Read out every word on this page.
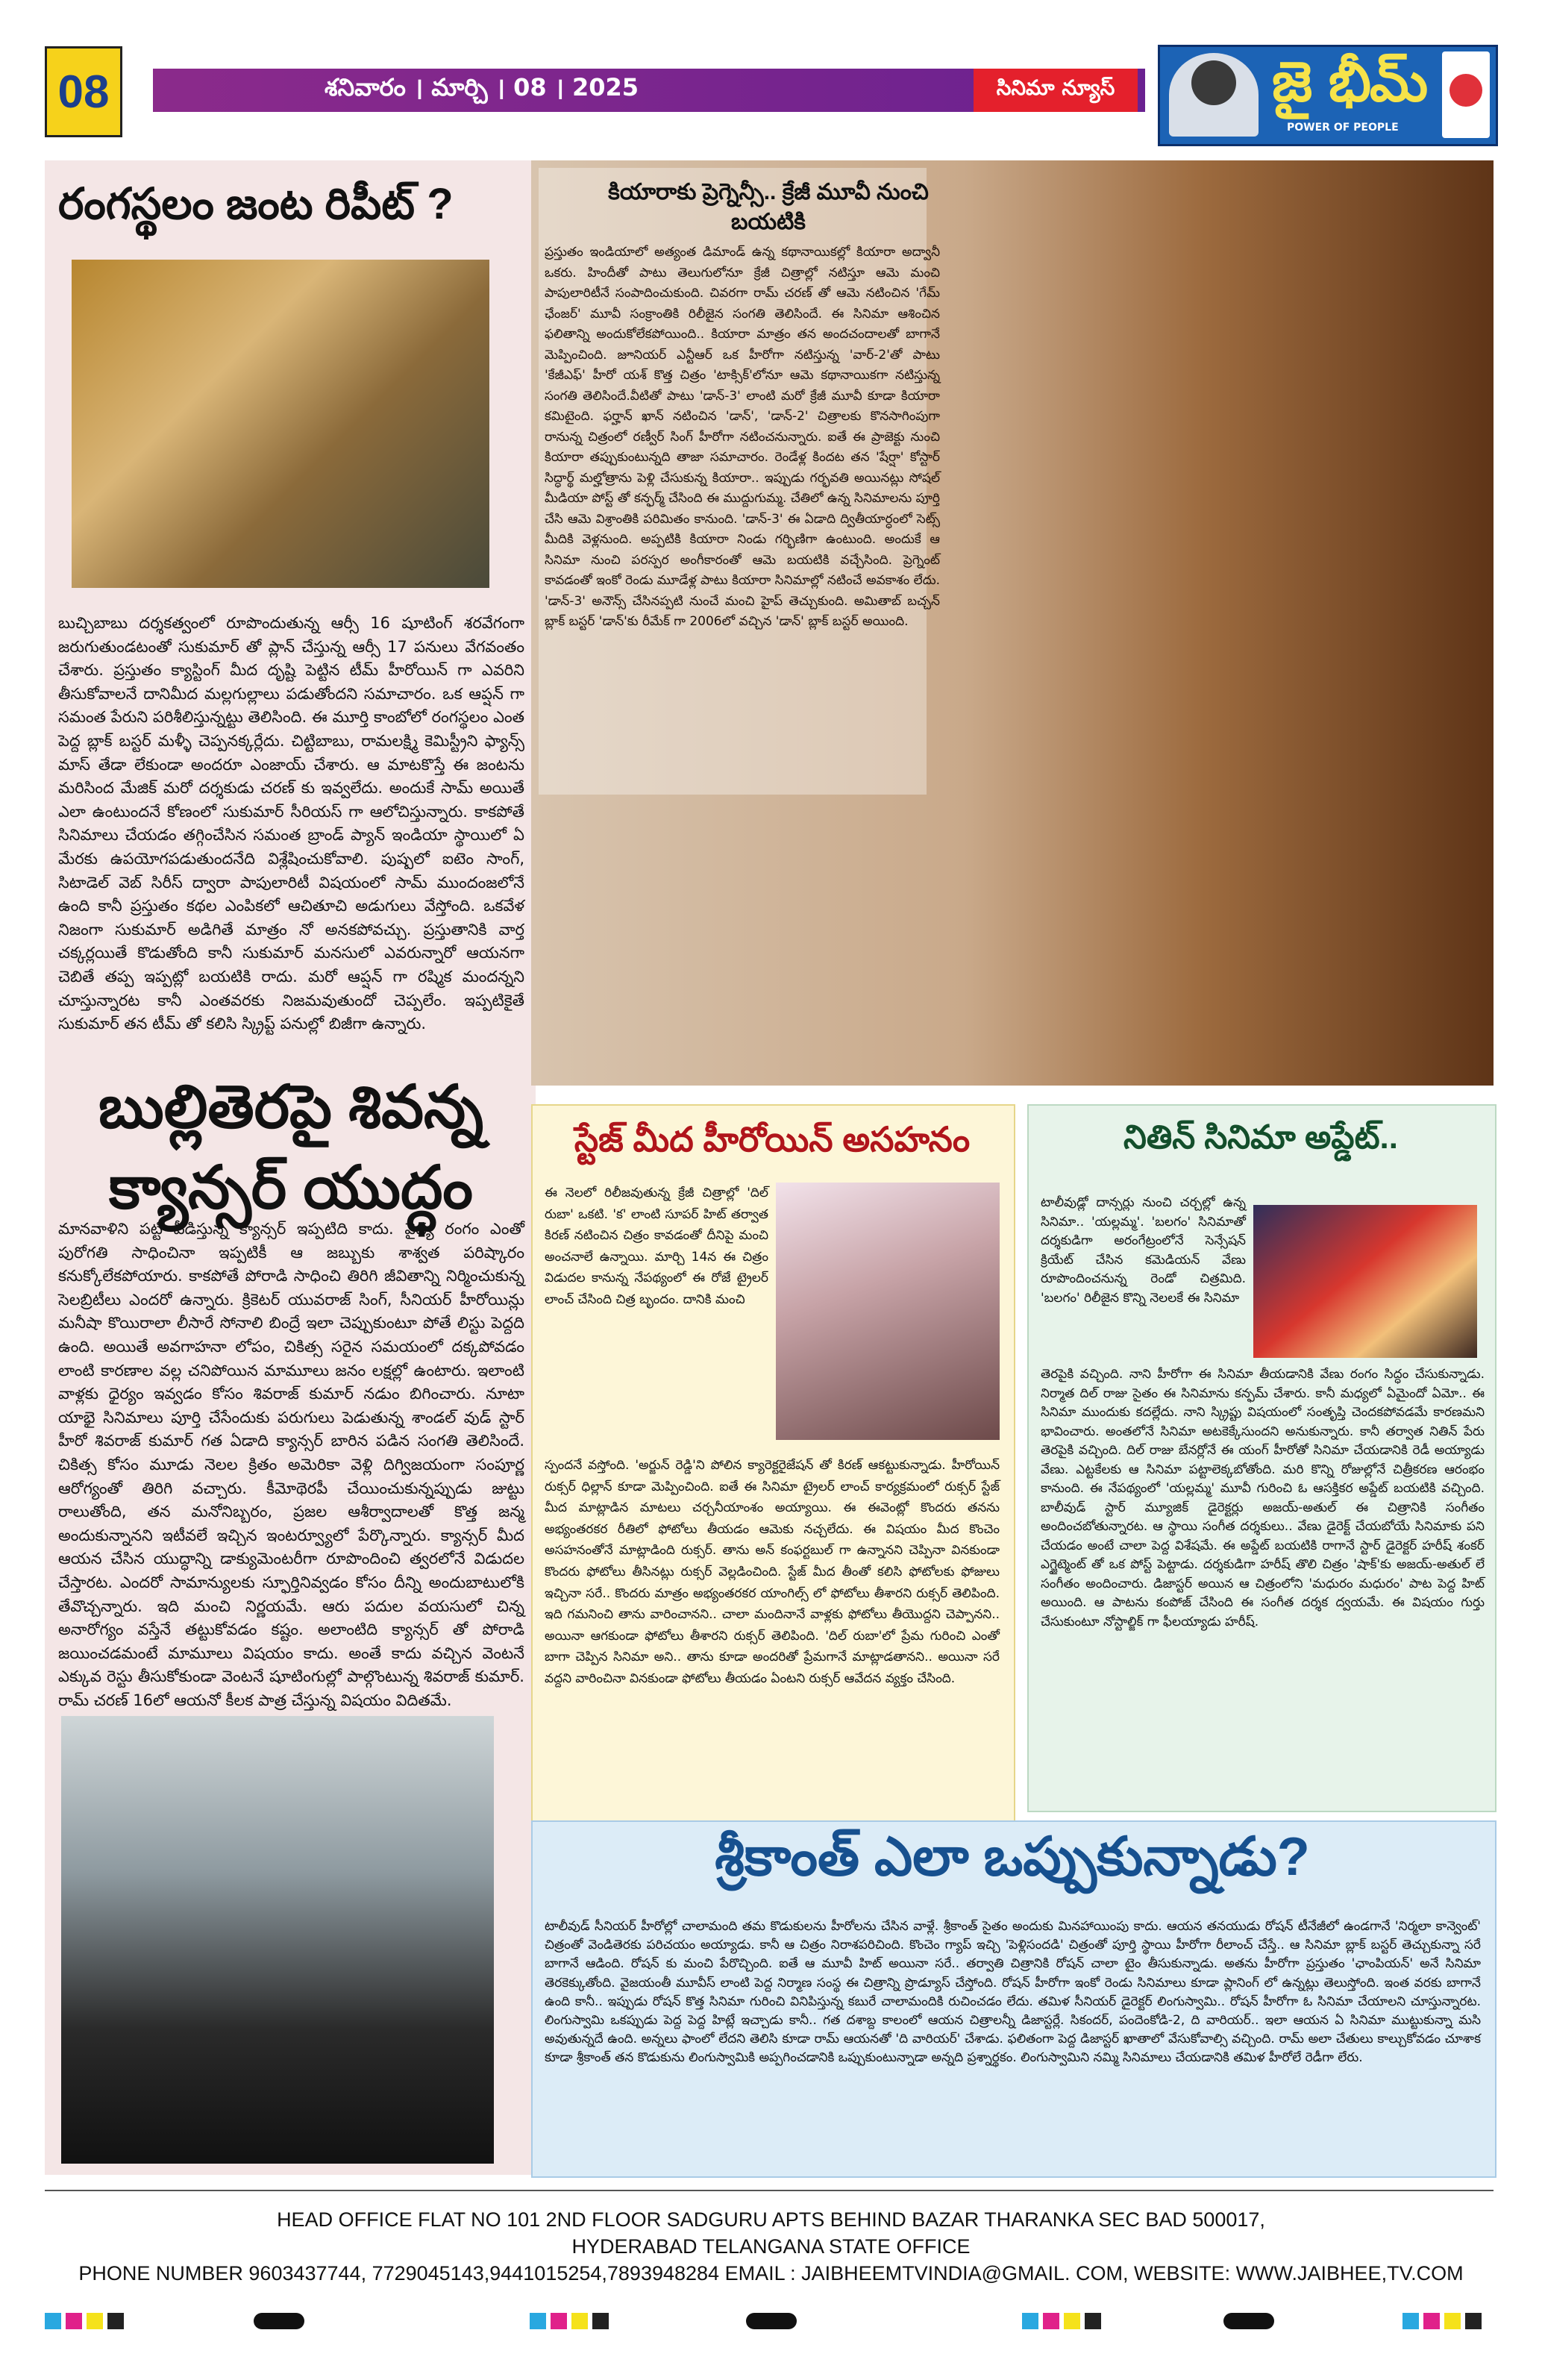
08	శనివారం । మార్చి । 08 । 2025	సినిమా న్యూస్	జై భీమ్
POWER OF PEOPLE
రంగస్థలం జంట రిపీట్ ?
బుచ్చిబాబు దర్శకత్వంలో రూపొందుతున్న ఆర్సీ 16 షూటింగ్ శరవేగంగా జరుగుతుండటంతో సుకుమార్ తో ప్లాన్ చేస్తున్న ఆర్సీ 17 పనులు వేగవంతం చేశారు. ప్రస్తుతం క్యాస్టింగ్ మీద దృష్టి పెట్టిన టీమ్ హీరోయిన్ గా ఎవరిని తీసుకోవాలనే దానిమీద మల్లగుల్లాలు పడుతోందని సమాచారం. ఒక ఆప్షన్ గా సమంత పేరుని పరిశీలిస్తున్నట్టు తెలిసింది. ఈ మూర్తి కాంబోలో రంగస్థలం ఎంత పెద్ద బ్లాక్ బస్టర్ మళ్ళీ చెప్పనక్కర్లేదు. చిట్టిబాబు, రామలక్ష్మి కెమిస్ట్రీని ఫ్యాన్స్ మాస్ తేడా లేకుండా అందరూ ఎంజాయ్ చేశారు. ఆ మాటకొస్తే ఈ జంటను మరిసింద మేజిక్ మరో దర్శకుడు చరణ్ కు ఇవ్వలేదు. అందుకే సామ్ అయితే ఎలా ఉంటుందనే కోణంలో సుకుమార్ సీరియస్ గా ఆలోచిస్తున్నారు. కాకపోతే సినిమాలు చేయడం తగ్గించేసిన సమంత బ్రాండ్ ప్యాన్ ఇండియా స్థాయిలో ఏ మేరకు ఉపయోగపడుతుందనేది విశ్లేషించుకోవాలి. పుష్పలో ఐటెం సాంగ్, సిటాడెల్ వెబ్ సిరీస్ ద్వారా పాపులారిటీ విషయంలో సామ్ ముందంజలోనే ఉంది కానీ ప్రస్తుతం కథల ఎంపికలో ఆచితూచి అడుగులు వేస్తోంది. ఒకవేళ నిజంగా సుకుమార్ అడిగితే మాత్రం నో అనకపోవచ్చు. ప్రస్తుతానికి వార్త చక్కర్లయితే కొడుతోంది కానీ సుకుమార్ మనసులో ఎవరున్నారో ఆయనగా చెబితే తప్ప ఇప్పట్లో బయటికి రాదు. మరో ఆప్షన్ గా రష్మిక మందన్నని చూస్తున్నారట కానీ ఎంతవరకు నిజమవుతుందో చెప్పలేం. ఇప్పటికైతే సుకుమార్ తన టీమ్ తో కలిసి స్క్రిప్ట్ పనుల్లో బిజీగా ఉన్నారు.
బుల్లితెరపై శివన్న క్యాన్సర్ యుద్ధం
మానవాళిని పట్టి పీడిస్తున్న క్యాన్సర్ ఇప్పటిది కాదు. వైద్య రంగం ఎంతో పురోగతి సాధించినా ఇప్పటికీ ఆ జబ్బుకు శాశ్వత పరిష్కారం కనుక్కోలేకపోయారు. కాకపోతే పోరాడి సాధించి తిరిగి జీవితాన్ని నిర్మించుకున్న సెలబ్రిటీలు ఎందరో ఉన్నారు. క్రికెటర్ యువరాజ్ సింగ్, సీనియర్ హీరోయిన్లు మనీషా కొయిరాలా లీసారే సోనాలి బింద్రే ఇలా చెప్పుకుంటూ పోతే లిస్టు పెద్దది ఉంది. అయితే అవగాహనా లోపం, చికిత్స సరైన సమయంలో దక్కపోవడం లాంటి కారణాల వల్ల చనిపోయిన మామూలు జనం లక్షల్లో ఉంటారు. ఇలాంటి వాళ్లకు ధైర్యం ఇవ్వడం కోసం శివరాజ్ కుమార్ నడుం బిగించారు. నూటా యాభై సినిమాలు పూర్తి చేసేందుకు పరుగులు పెడుతున్న శాండల్ వుడ్ స్టార్ హీరో శివరాజ్ కుమార్ గత ఏడాది క్యాన్సర్ బారిన పడిన సంగతి తెలిసిందే. చికిత్స కోసం మూడు నెలల క్రితం అమెరికా వెళ్లి దిగ్విజయంగా సంపూర్ణ ఆరోగ్యంతో తిరిగి వచ్చారు. కీమోథెరపీ చేయించుకున్నప్పుడు జుట్టు రాలుతోంది, తన మనోనిబ్బరం, ప్రజల ఆశీర్వాదాలతో కొత్త జన్మ అందుకున్నానని ఇటీవలే ఇచ్చిన ఇంటర్వ్యూలో పేర్కొన్నారు. క్యాన్సర్ మీద ఆయన చేసిన యుద్ధాన్ని డాక్యుమెంటరీగా రూపొందించి త్వరలోనే విడుదల చేస్తారట. ఎందరో సామాన్యులకు స్ఫూర్తినివ్వడం కోసం దీన్ని అందుబాటులోకి తేవొచ్చన్నారు. ఇది మంచి నిర్ణయమే. ఆరు పదుల వయసులో చిన్న అనారోగ్యం వస్తేనే తట్టుకోవడం కష్టం. అలాంటిది క్యాన్సర్ తో పోరాడి జయించడమంటే మామూలు విషయం కాదు. అంతే కాదు వచ్చిన వెంటనే ఎక్కువ రెస్టు తీసుకోకుండా వెంటనే షూటింగుల్లో పాల్గొంటున్న శివరాజ్ కుమార్. రామ్ చరణ్ 16లో ఆయనో కీలక పాత్ర చేస్తున్న విషయం విదితమే.
కియారాకు ప్రెగ్నెన్సీ.. క్రేజీ మూవీ నుంచి బయటికి
ప్రస్తుతం ఇండియాలో అత్యంత డిమాండ్ ఉన్న కథానాయికల్లో కియారా అద్వానీ ఒకరు. హిందీతో పాటు తెలుగులోనూ క్రేజీ చిత్రాల్లో నటిస్తూ ఆమె మంచి పాపులారిటీనే సంపాదించుకుంది. చివరగా రామ్ చరణ్ తో ఆమె నటించిన 'గేమ్ ఛేంజర్' మూవీ సంక్రాంతికి రిలీజైన సంగతి తెలిసిందే. ఈ సినిమా ఆశించిన ఫలితాన్ని అందుకోలేకపోయింది.. కియారా మాత్రం తన అందచందాలతో బాగానే మెప్పించింది. జూనియర్ ఎన్టీఆర్ ఒక హీరోగా నటిస్తున్న 'వార్-2'తో పాటు 'కేజీఎఫ్' హీరో యశ్ కొత్త చిత్రం 'టాక్సిక్'లోనూ ఆమె కథానాయికగా నటిస్తున్న సంగతి తెలిసిందే.వీటితో పాటు 'డాన్-3' లాంటి మరో క్రేజీ మూవీ కూడా కియారా కమిటైంది. ఫర్హాన్ ఖాన్ నటించిన 'డాన్', 'డాన్-2' చిత్రాలకు కొనసాగింపుగా రానున్న చిత్రంలో రణ్వీర్ సింగ్ హీరోగా నటించనున్నారు. ఐతే ఈ ప్రాజెక్టు నుంచి కియారా తప్పుకుంటున్నది తాజా సమాచారం. రెండేళ్ల కిందట తన 'షేర్షా' కోస్టార్ సిద్ధార్థ్ మల్హోత్రాను పెళ్లి చేసుకున్న కియారా.. ఇప్పుడు గర్భవతి అయినట్లు సోషల్ మీడియా పోస్ట్ తో కన్ఫర్మ్ చేసింది ఈ ముద్దుగుమ్మ. చేతిలో ఉన్న సినిమాలను పూర్తి చేసి ఆమె విశ్రాంతికి పరిమితం కానుంది. 'డాన్-3' ఈ ఏడాది ద్వితీయార్ధంలో సెట్స్ మీదికి వెళ్లనుంది. అప్పటికి కియారా నిండు గర్భిణిగా ఉంటుంది. అందుకే ఆ సినిమా నుంచి పరస్పర అంగీకారంతో ఆమె బయటికి వచ్చేసింది. ప్రెగ్నెంట్ కావడంతో ఇంకో రెండు మూడేళ్ల పాటు కియారా సినిమాల్లో నటించే అవకాశం లేదు. 'డాన్-3' అనౌన్స్ చేసినప్పటి నుంచే మంచి హైప్ తెచ్చుకుంది. అమితాబ్ బచ్చన్ బ్లాక్ బస్టర్ 'డాన్'కు రీమేక్ గా 2006లో వచ్చిన 'డాన్' బ్లాక్ బస్టర్ అయింది.
స్టేజ్ మీద హీరోయిన్ అసహనం
ఈ నెలలో రిలీజవుతున్న క్రేజీ చిత్రాల్లో 'దిల్ రుబా' ఒకటి. 'క' లాంటి సూపర్ హిట్ తర్వాత కిరణ్ నటించిన చిత్రం కావడంతో దీనిపై మంచి అంచనాలే ఉన్నాయి. మార్చి 14న ఈ చిత్రం విడుదల కానున్న నేపథ్యంలో ఈ రోజే ట్రైలర్ లాంచ్ చేసింది చిత్ర బృందం. దానికి మంచి
స్పందనే వస్తోంది. 'అర్జున్ రెడ్డి'ని పోలిన క్యారెక్టరైజేషన్ తో కిరణ్ ఆకట్టుకున్నాడు. హీరోయిన్ రుక్సర్ ధిల్లాన్ కూడా మెప్పించింది. ఐతే ఈ సినిమా ట్రైలర్ లాంచ్ కార్యక్రమంలో రుక్సర్ స్టేజ్ మీద మాట్లాడిన మాటలు చర్చనీయాంశం అయ్యాయి. ఈ ఈవెంట్లో కొందరు తనను అభ్యంతరకర రీతిలో ఫోటోలు తీయడం ఆమెకు నచ్చలేదు. ఈ విషయం మీద కొంచెం అసహనంతోనే మాట్లాడింది రుక్సర్. తాను అన్ కంఫర్టబుల్ గా ఉన్నానని చెప్పినా వినకుండా కొందరు ఫోటోలు తీసినట్లు రుక్సర్ వెల్లడించింది. స్టేజ్ మీద తీంతో కలిసి ఫోటోలకు ఫోజులు ఇచ్చినా సరే.. కొందరు మాత్రం అభ్యంతరకర యాంగిల్స్ లో ఫోటోలు తీశారని రుక్సర్ తెలిపింది. ఇది గమనించి తాను వారించానని.. చాలా మందినానే వాళ్లకు ఫోటోలు తీయొద్దని చెప్పానని.. అయినా ఆగకుండా ఫోటోలు తీశారని రుక్సర్ తెలిపింది. 'దిల్ రుబా'లో ప్రేమ గురించి ఎంతో బాగా చెప్పిన సినిమా అని.. తాను కూడా అందరితో ప్రేమగానే మాట్లాడతానని.. అయినా సరే వద్దని వారించినా వినకుండా ఫోటోలు తీయడం ఏంటని రుక్సర్ ఆవేదన వ్యక్తం చేసింది.
నితిన్ సినిమా అప్డేట్..
టాలీవుడ్లో దాన్సర్లు నుంచి చర్చల్లో ఉన్న సినిమా.. 'యల్లమ్మ'. 'బలగం' సినిమాతో దర్శకుడిగా అరంగేట్రంలోనే సెన్సేషన్ క్రియేట్ చేసిన కమెడియన్ వేణు రూపొందించనున్న రెండో చిత్రమిది. 'బలగం' రిలీజైన కొన్ని నెలలకే ఈ సినిమా
తెరపైకి వచ్చింది. నాని హీరోగా ఈ సినిమా తీయడానికి వేణు రంగం సిద్ధం చేసుకున్నాడు. నిర్మాత దిల్ రాజు సైతం ఈ సినిమాను కన్ఫమ్ చేశారు. కానీ మధ్యలో ఏమైందో ఏమో.. ఈ సినిమా ముందుకు కదల్లేదు. నాని స్క్రిప్టు విషయంలో సంతృప్తి చెందకపోవడమే కారణమని భావించారు. అంతలోనే సినిమా అటకెక్కేసుందని అనుకున్నారు. కానీ తర్వాత నితిన్ పేరు తెరపైకి వచ్చింది. దిల్ రాజు బేనర్లోనే ఈ యంగ్ హీరోతో సినిమా చేయడానికి రెడీ అయ్యాడు వేణు. ఎట్టకేలకు ఆ సినిమా పట్టాలెక్కబోతోంది. మరి కొన్ని రోజుల్లోనే చిత్రీకరణ ఆరంభం కానుంది. ఈ నేపథ్యంలో 'యల్లమ్మ' మూవీ గురించి ఓ ఆసక్తికర అప్డేట్ బయటికి వచ్చింది. బాలీవుడ్ స్టార్ మ్యూజిక్ డైరెక్టర్లు అజయ్-అతుల్ ఈ చిత్రానికి సంగీతం అందించబోతున్నారట. ఆ స్థాయి సంగీత దర్శకులు.. వేణు డైరెక్ట్ చేయబోయే సినిమాకు పని చేయడం అంటే చాలా పెద్ద విశేషమే. ఈ అప్డేట్ బయటికి రాగానే స్టార్ డైరెక్టర్ హరీష్ శంకర్ ఎగ్జైట్మెంట్ తో ఒక పోస్ట్ పెట్టాడు. దర్శకుడిగా హరీష్ తొలి చిత్రం 'షాక్'కు అజయ్-అతుల్ లే సంగీతం అందించారు. డిజాస్టర్ అయిన ఆ చిత్రంలోని 'మధురం మధురం' పాట పెద్ద హిట్ అయింది. ఆ పాటను కంపోజ్ చేసింది ఈ సంగీత దర్శక ద్వయమే. ఈ విషయం గుర్తు చేసుకుంటూ నోస్టాల్జిక్ గా ఫీలయ్యాడు హరీష్.
శ్రీకాంత్ ఎలా ఒప్పుకున్నాడు?
టాలీవుడ్ సీనియర్ హీరోల్లో చాలామంది తమ కొడుకులను హీరోలను చేసిన వాళ్లే. శ్రీకాంత్ సైతం అందుకు మినహాయింపు కాదు. ఆయన తనయుడు రోషన్ టీనేజీలో ఉండగానే 'నిర్మలా కాన్వెంట్' చిత్రంతో వెండితెరకు పరిచయం అయ్యాడు. కానీ ఆ చిత్రం నిరాశపరిచింది. కొంచెం గ్యాప్ ఇచ్చి 'పెళ్లిసందడి' చిత్రంతో పూర్తి స్థాయి హీరోగా రీలాంచ్ చేస్తే.. ఆ సినిమా బ్లాక్ బస్టర్ తెచ్చుకున్నా సరే బాగానే ఆడింది. రోషన్ కు మంచి పేరొచ్చింది. ఐతే ఆ మూవీ హిట్ అయినా సరే.. తర్వాతి చిత్రానికి రోషన్ చాలా టైం తీసుకున్నాడు. అతను హీరోగా ప్రస్తుతం 'ఛాంపియన్' అనే సినిమా తెరకెక్కుతోంది. వైజయంతీ మూవీస్ లాంటి పెద్ద నిర్మాణ సంస్థ ఈ చిత్రాన్ని ప్రొడ్యూస్ చేస్తోంది. రోషన్ హీరోగా ఇంకో రెండు సినిమాలు కూడా ప్లానింగ్ లో ఉన్నట్లు తెలుస్తోంది. ఇంత వరకు బాగానే ఉంది కానీ.. ఇప్పుడు రోషన్ కొత్త సినిమా గురించి వినిపిస్తున్న కబురే చాలామందికి రుచించడం లేదు. తమిళ సీనియర్ డైరెక్టర్ లింగుస్వామి.. రోషన్ హీరోగా ఓ సినిమా చేయాలని చూస్తున్నారట. లింగుస్వామి ఒకప్పుడు పెద్ద పెద్ద హిట్లే ఇచ్చాడు కానీ.. గత దశాబ్ద కాలంలో ఆయన చిత్రాలన్నీ డిజాస్టర్లే. సికందర్, పందెంకోడి-2, ది వారియర్.. ఇలా ఆయన ఏ సినిమా ముట్టుకున్నా మసి అవుతున్నదే ఉంది. అన్నలు ఫాంలో లేదని తెలిసి కూడా రామ్ ఆయనతో 'ది వారియర్' చేశాడు. ఫలితంగా పెద్ద డిజాస్టర్ ఖాతాలో వేసుకోవాల్సి వచ్చింది. రామ్ అలా చేతులు కాల్చుకోవడం చూశాక కూడా శ్రీకాంత్ తన కొడుకును లింగుస్వామికి అప్పగించడానికి ఒప్పుకుంటున్నాడా అన్నది ప్రశ్నార్థకం. లింగుస్వామిని నమ్మి సినిమాలు చేయడానికి తమిళ హీరోలే రెడీగా లేరు.
HEAD OFFICE FLAT NO 101 2ND FLOOR SADGURU APTS BEHIND BAZAR THARANKA SEC BAD 500017,
HYDERABAD TELANGANA STATE OFFICE
PHONE NUMBER 9603437744, 7729045143,9441015254,7893948284 EMAIL : JAIBHEEMTVINDIA@GMAIL. COM, WEBSITE: WWW.JAIBHEE,TV.COM
